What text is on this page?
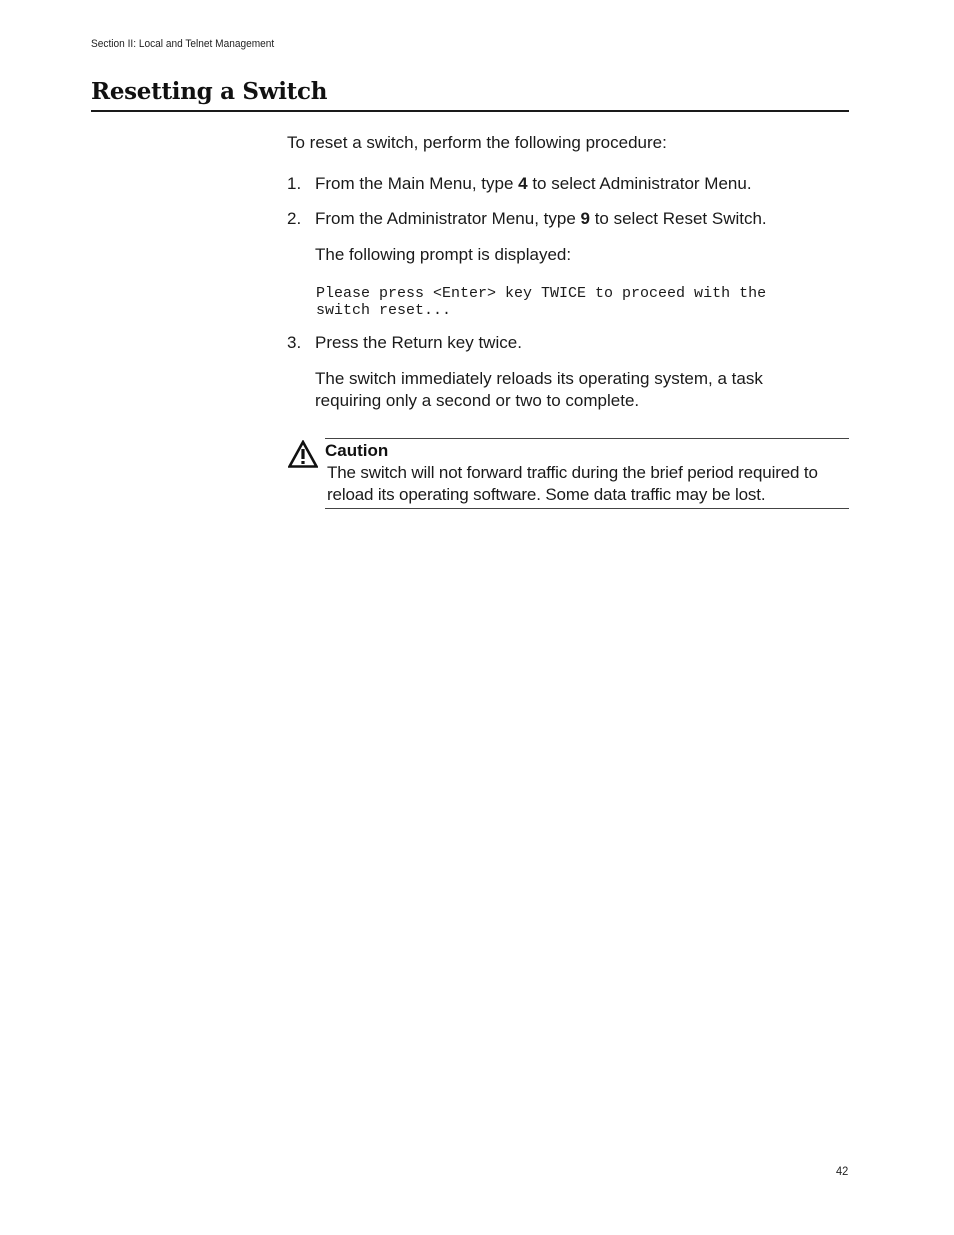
Section II: Local and Telnet Management
Resetting a Switch
To reset a switch, perform the following procedure:
1. From the Main Menu, type 4 to select Administrator Menu.
2. From the Administrator Menu, type 9 to select Reset Switch.
The following prompt is displayed:
Please press <Enter> key TWICE to proceed with the
switch reset...
3. Press the Return key twice.
The switch immediately reloads its operating system, a task
requiring only a second or two to complete.
Caution
The switch will not forward traffic during the brief period required to
reload its operating software. Some data traffic may be lost.
42
